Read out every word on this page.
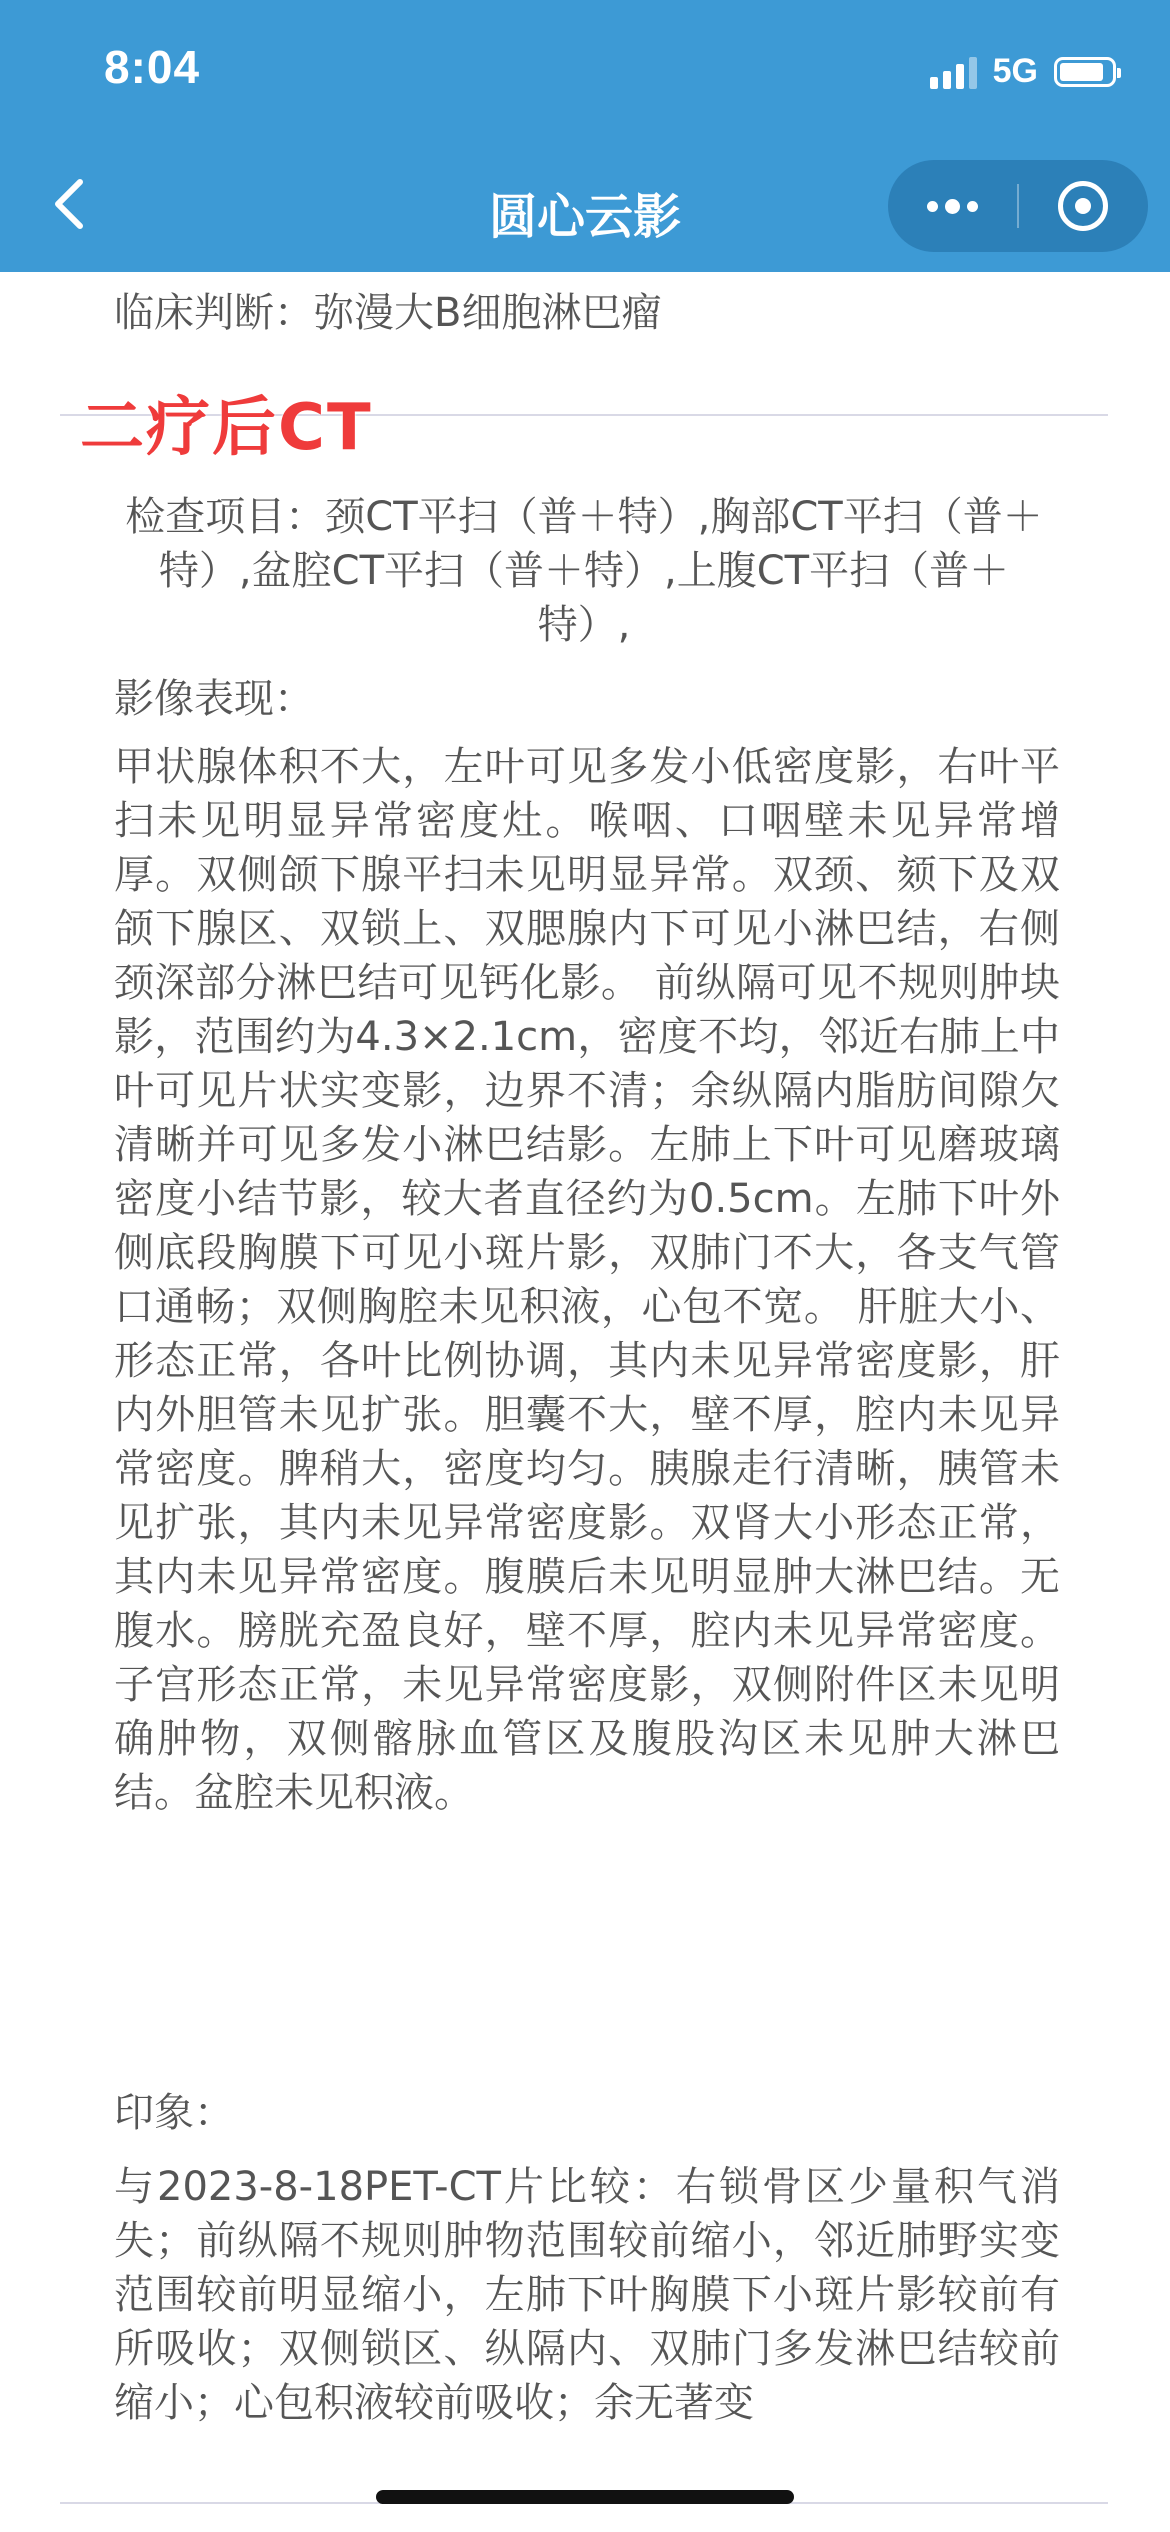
8:04	5G
圆心云影
临床判断：弥漫大B细胞淋巴瘤
二疗后CT
检查项目：颈CT平扫（普＋特）,胸部CT平扫（普＋特）,盆腔CT平扫（普＋特）,上腹CT平扫（普＋特）,
影像表现：
甲状腺体积不大，左叶可见多发小低密度影，右叶平扫未见明显异常密度灶。喉咽、口咽壁未见异常增厚。双侧颌下腺平扫未见明显异常。双颈、颏下及双颌下腺区、双锁上、双腮腺内下可见小淋巴结，右侧颈深部分淋巴结可见钙化影。 前纵隔可见不规则肿块影，范围约为4.3×2.1cm，密度不均，邻近右肺上中叶可见片状实变影，边界不清；余纵隔内脂肪间隙欠清晰并可见多发小淋巴结影。左肺上下叶可见磨玻璃密度小结节影，较大者直径约为0.5cm。左肺下叶外侧底段胸膜下可见小斑片影，双肺门不大，各支气管口通畅；双侧胸腔未见积液，心包不宽。 肝脏大小、形态正常，各叶比例协调，其内未见异常密度影，肝内外胆管未见扩张。胆囊不大，壁不厚，腔内未见异常密度。脾稍大，密度均匀。胰腺走行清晰，胰管未见扩张，其内未见异常密度影。双肾大小形态正常，其内未见异常密度。腹膜后未见明显肿大淋巴结。无腹水。膀胱充盈良好，壁不厚，腔内未见异常密度。子宫形态正常，未见异常密度影，双侧附件区未见明确肿物，双侧髂脉血管区及腹股沟区未见肿大淋巴结。盆腔未见积液。
印象：
与2023-8-18PET-CT片比较：右锁骨区少量积气消失；前纵隔不规则肿物范围较前缩小，邻近肺野实变范围较前明显缩小，左肺下叶胸膜下小斑片影较前有所吸收；双侧锁区、纵隔内、双肺门多发淋巴结较前缩小；心包积液较前吸收；余无著变
